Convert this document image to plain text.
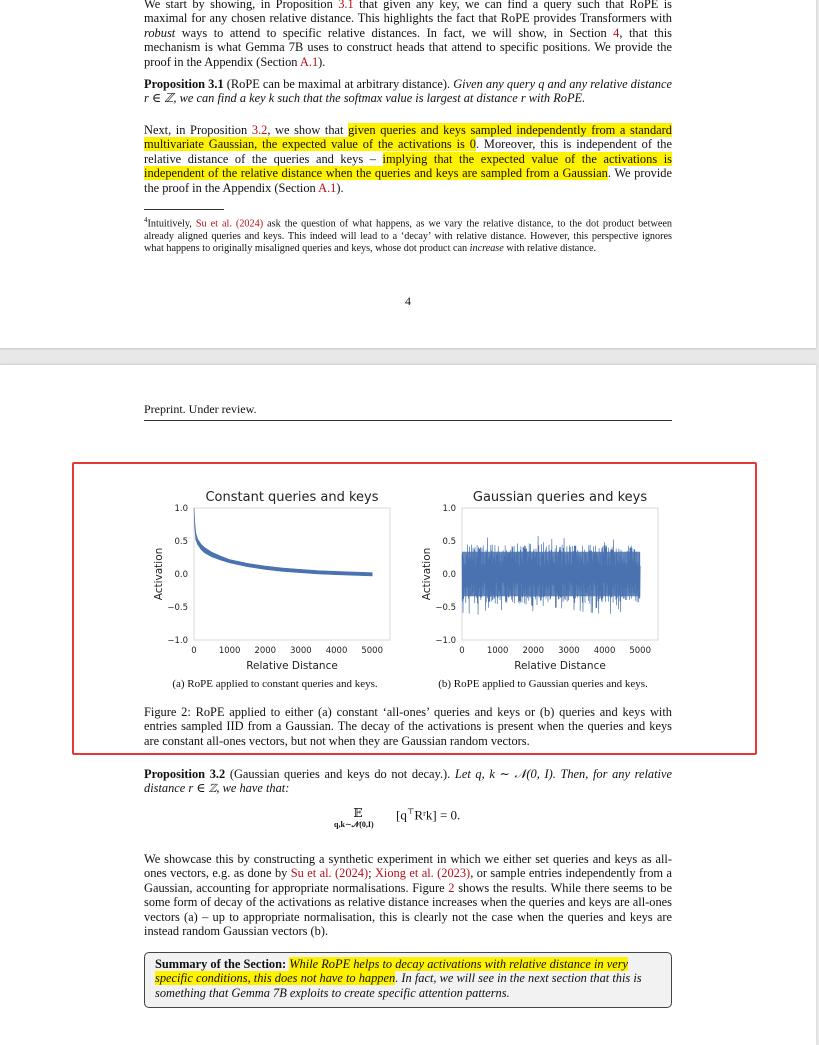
We start by showing, in Proposition 3.1 that given any key, we can find a query such that RoPE is maximal for any chosen relative distance. This highlights the fact that RoPE provides Transformers with robust ways to attend to specific relative distances. In fact, we will show, in Section 4, that this mechanism is what Gemma 7B uses to construct heads that attend to specific positions. We provide the proof in the Appendix (Section A.1).
Proposition 3.1 (RoPE can be maximal at arbitrary distance). Given any query q and any relative distance r ∈ ℤ, we can find a key k such that the softmax value is largest at distance r with RoPE.
Next, in Proposition 3.2, we show that given queries and keys sampled independently from a standard multivariate Gaussian, the expected value of the activations is 0. Moreover, this is independent of the relative distance of the queries and keys – implying that the expected value of the activations is independent of the relative distance when the queries and keys are sampled from a Gaussian. We provide the proof in the Appendix (Section A.1).
$^4$Intuitively, Su et al. (2024) ask the question of what happens, as we vary the relative distance, to the dot product between already aligned queries and keys. This indeed will lead to a ‘decay’ with relative distance. However, this perspective ignores what happens to originally misaligned queries and keys, whose dot product can increase with relative distance.
4
Preprint. Under review.
Constant queries and keys
1.0
0.5
0.0
−0.5
−1.0
0	1000 2000 3000 4000 5000
Relative Distance
Activation
Gaussian queries and keys
1.0
0.5
0.0
−0.5
−1.0
0	1000 2000 3000 4000 5000
Relative Distance
Activation
(a) RoPE applied to constant queries and keys.	(b) RoPE applied to Gaussian queries and keys.
Figure 2: RoPE applied to either (a) constant ‘all-ones’ queries and keys or (b) queries and keys with entries sampled IID from a Gaussian. The decay of the activations is present when the queries and keys are constant all-ones vectors, but not when they are Gaussian random vectors.
Proposition 3.2 (Gaussian queries and keys do not decay.). Let q, k ∼ 𝒩(0, I). Then, for any relative distance r ∈ ℤ, we have that:
𝔼
q,k∼𝒩(0,I)
[q⊤Rʳk] = 0.
We showcase this by constructing a synthetic experiment in which we either set queries and keys as all-ones vectors, e.g. as done by Su et al. (2024); Xiong et al. (2023), or sample entries independently from a Gaussian, accounting for appropriate normalisations. Figure 2 shows the results. While there seems to be some form of decay of the activations as relative distance increases when the queries and keys are all-ones vectors (a) – up to appropriate normalisation, this is clearly not the case when the queries and keys are instead random Gaussian vectors (b).
Summary of the Section: While RoPE helps to decay activations with relative distance in very specific conditions, this does not have to happen. In fact, we will see in the next section that this is something that Gemma 7B exploits to create specific attention patterns.
